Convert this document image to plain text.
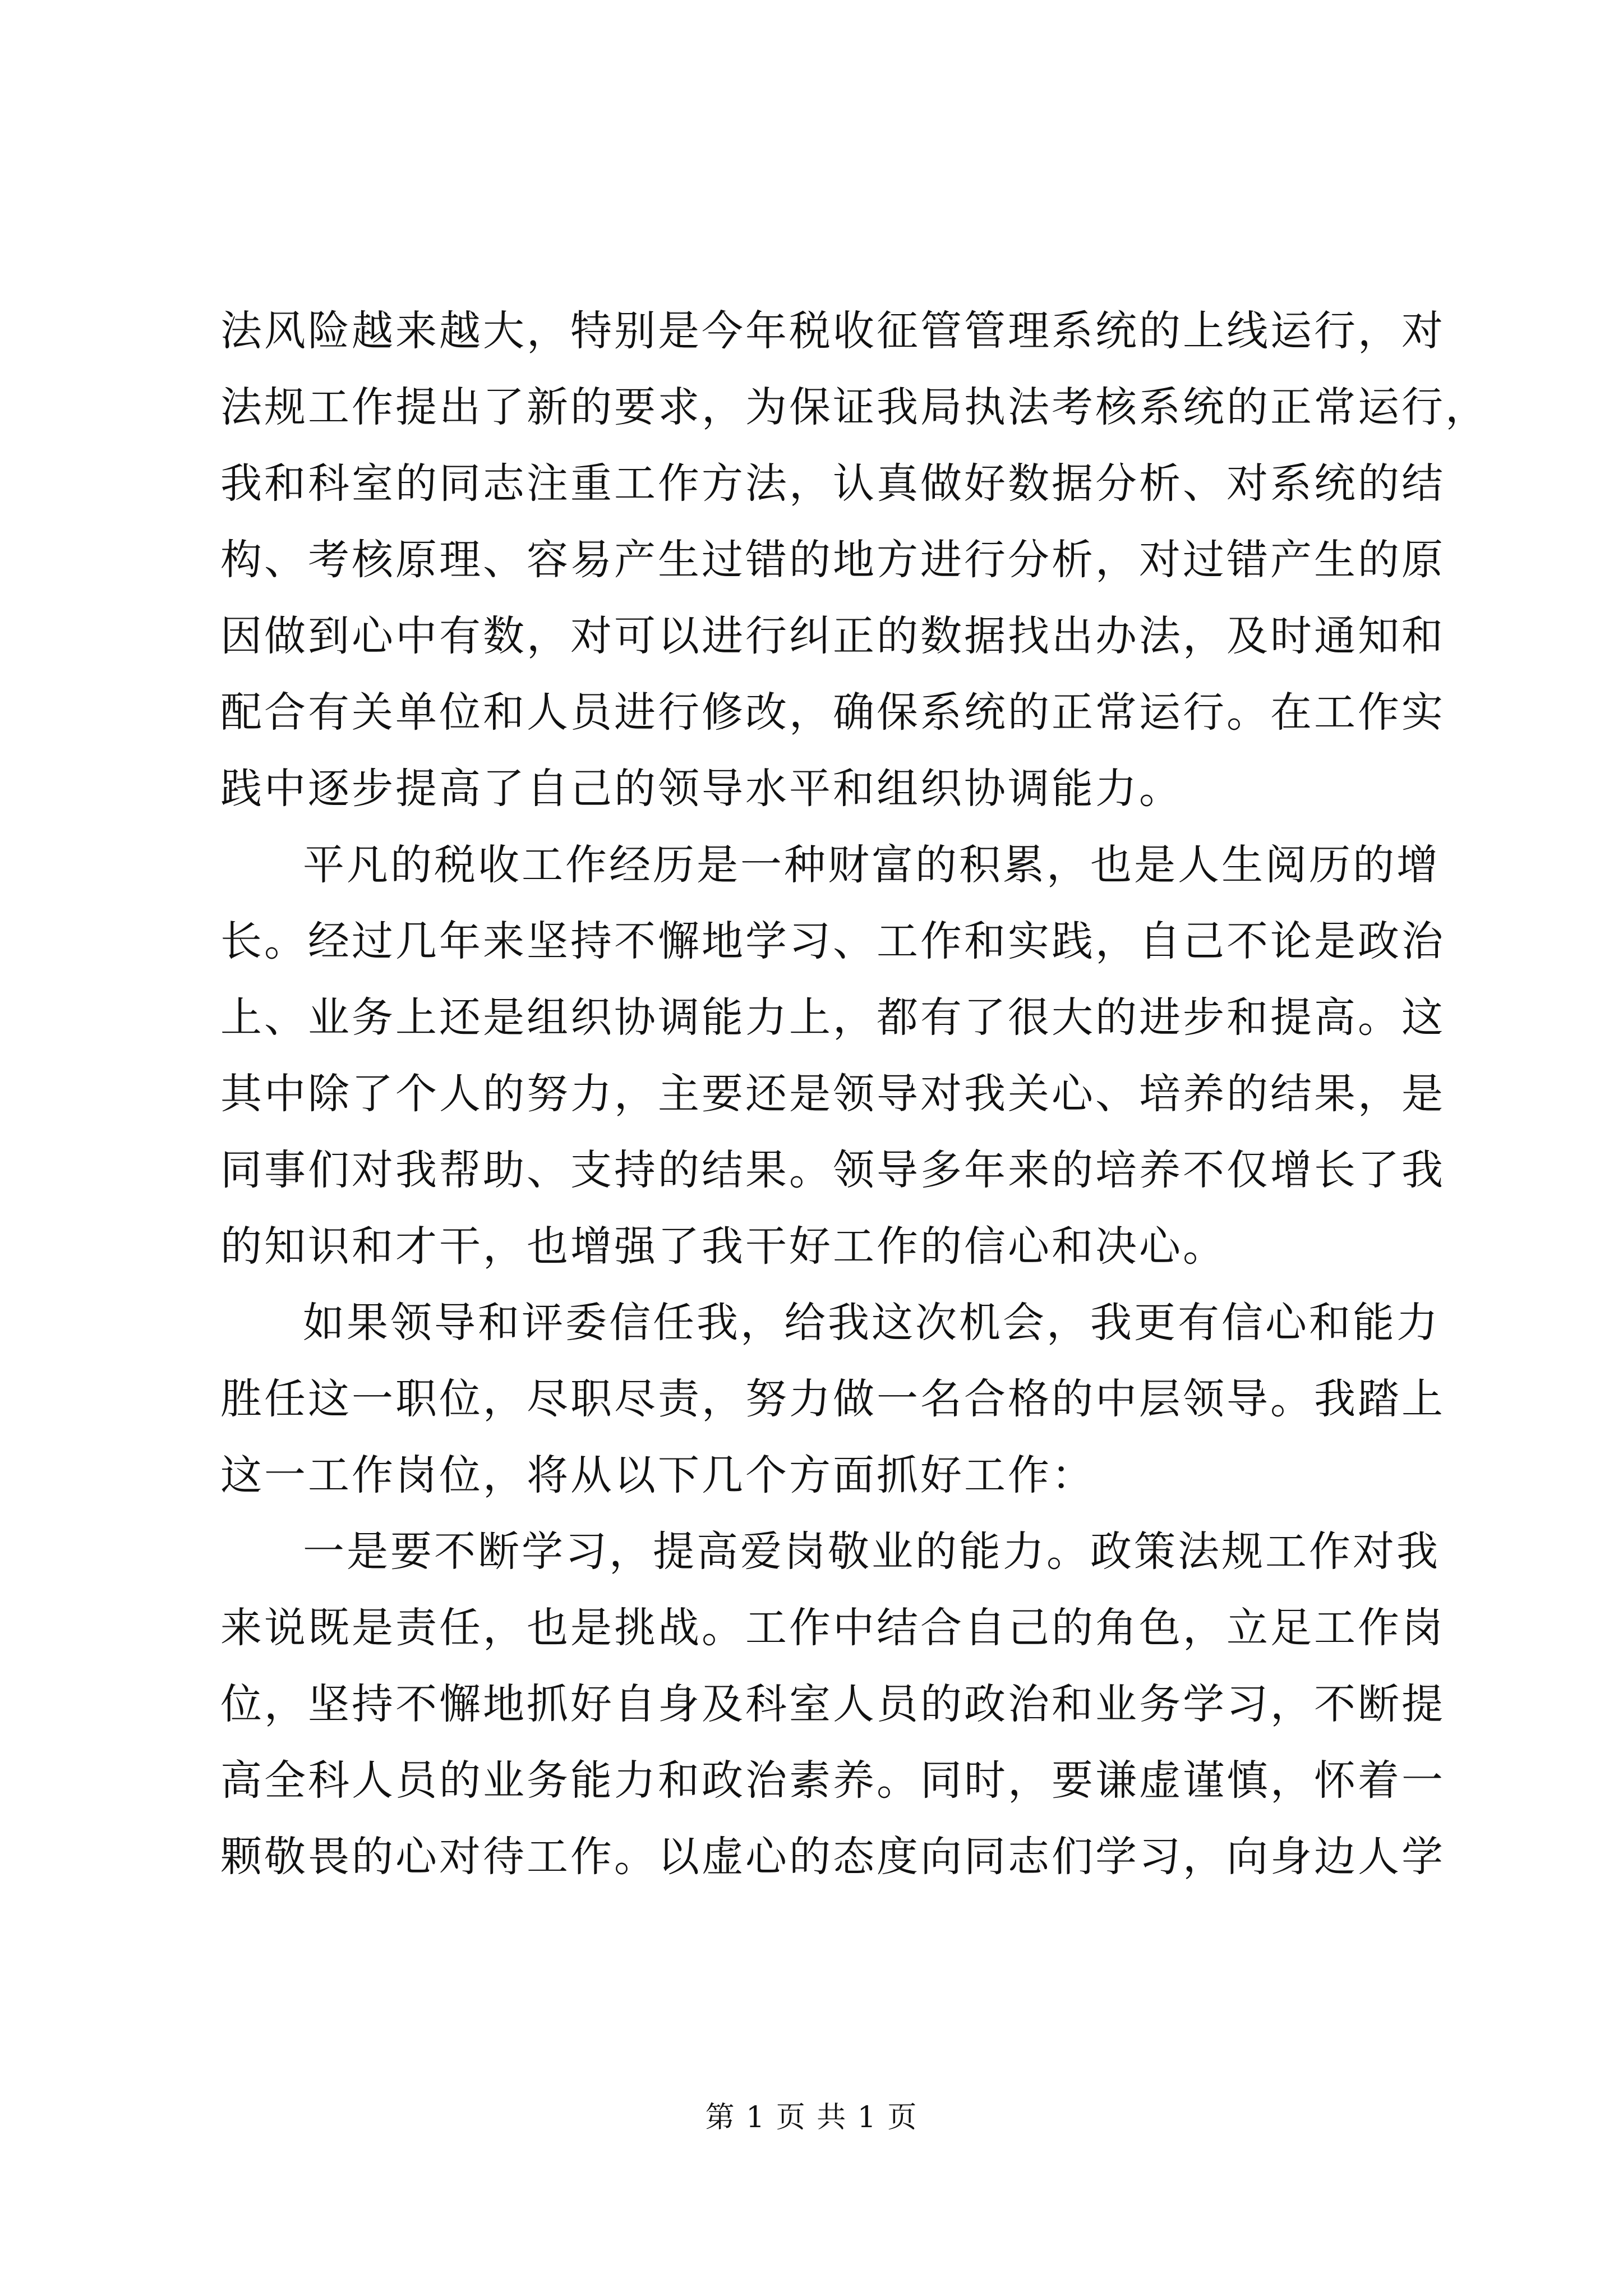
法风险越来越大，特别是今年税收征管管理系统的上线运行，对
法规工作提出了新的要求，为保证我局执法考核系统的正常运行，
我和科室的同志注重工作方法，认真做好数据分析、对系统的结
构、考核原理、容易产生过错的地方进行分析，对过错产生的原
因做到心中有数，对可以进行纠正的数据找出办法，及时通知和
配合有关单位和人员进行修改，确保系统的正常运行。在工作实
践中逐步提高了自己的领导水平和组织协调能力。
平凡的税收工作经历是一种财富的积累，也是人生阅历的增
长。经过几年来坚持不懈地学习、工作和实践，自己不论是政治
上、业务上还是组织协调能力上，都有了很大的进步和提高。这
其中除了个人的努力，主要还是领导对我关心、培养的结果，是
同事们对我帮助、支持的结果。领导多年来的培养不仅增长了我
的知识和才干，也增强了我干好工作的信心和决心。
如果领导和评委信任我，给我这次机会，我更有信心和能力
胜任这一职位，尽职尽责，努力做一名合格的中层领导。我踏上
这一工作岗位，将从以下几个方面抓好工作：
一是要不断学习，提高爱岗敬业的能力。政策法规工作对我
来说既是责任，也是挑战。工作中结合自己的角色，立足工作岗
位，坚持不懈地抓好自身及科室人员的政治和业务学习，不断提
高全科人员的业务能力和政治素养。同时，要谦虚谨慎，怀着一
颗敬畏的心对待工作。以虚心的态度向同志们学习，向身边人学
第 1 页 共 1 页
